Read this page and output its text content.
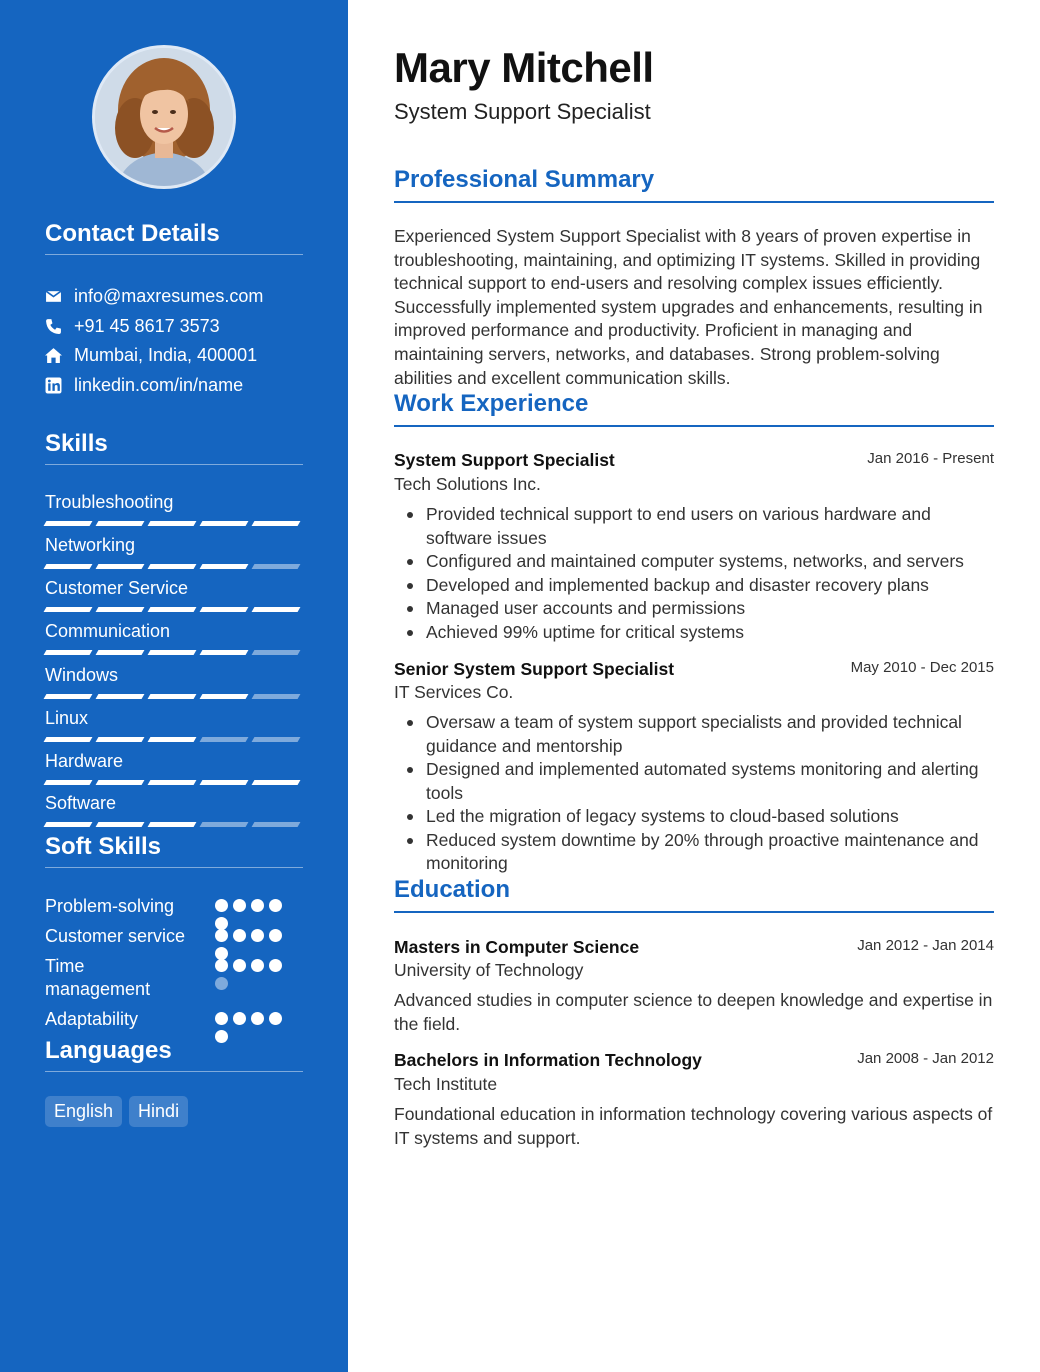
Contact Details
info@maxresumes.com
+91 45 8617 3573
Mumbai, India, 400001
linkedin.com/in/name
Skills
Troubleshooting
Networking
Customer Service
Communication
Windows
Linux
Hardware
Software
Soft Skills
Problem-solving
Customer service
Time management
Adaptability
Languages
English	Hindi
Mary Mitchell
System Support Specialist
Professional Summary
Experienced System Support Specialist with 8 years of proven expertise in troubleshooting, maintaining, and optimizing IT systems. Skilled in providing technical support to end-users and resolving complex issues efficiently. Successfully implemented system upgrades and enhancements, resulting in improved performance and productivity. Proficient in managing and maintaining servers, networks, and databases. Strong problem-solving abilities and excellent communication skills.
Work Experience
System Support Specialist	Jan 2016 - Present
Tech Solutions Inc.
Provided technical support to end users on various hardware and software issues
Configured and maintained computer systems, networks, and servers
Developed and implemented backup and disaster recovery plans
Managed user accounts and permissions
Achieved 99% uptime for critical systems
Senior System Support Specialist	May 2010 - Dec 2015
IT Services Co.
Oversaw a team of system support specialists and provided technical guidance and mentorship
Designed and implemented automated systems monitoring and alerting tools
Led the migration of legacy systems to cloud-based solutions
Reduced system downtime by 20% through proactive maintenance and monitoring
Education
Masters in Computer Science	Jan 2012 - Jan 2014
University of Technology
Advanced studies in computer science to deepen knowledge and expertise in the field.
Bachelors in Information Technology	Jan 2008 - Jan 2012
Tech Institute
Foundational education in information technology covering various aspects of IT systems and support.
